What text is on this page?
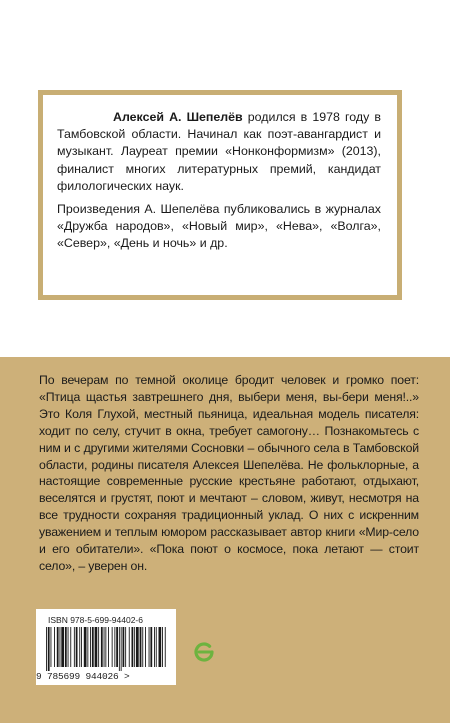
Алексей А. Шепелёв родился в 1978 году в Тамбовской области. Начинал как поэт-авангардист и музыкант. Лауреат премии «Нонконформизм» (2013), финалист многих литературных премий, кандидат филологических наук.

Произведения А. Шепелёва публиковались в журналах «Дружба народов», «Новый мир», «Нева», «Волга», «Север», «День и ночь» и др.

По вечерам по темной околице бродит человек и громко поет: «Птица щастья завтрешнего дня, выбери меня, вы-бери меня!..» Это Коля Глухой, местный пьяница, идеальная модель писателя: ходит по селу, стучит в окна, требует самогону… Познакомьтесь с ним и с другими жителями Сосновки – обычного села в Тамбовской области, родины писателя Алексея Шепелёва. Не фольклорные, а настоящие современные русские крестьяне работают, отдыхают, веселятся и грустят, поют и мечтают – словом, живут, несмотря на все трудности сохраняя традиционный уклад. О них с искренним уважением и теплым юмором рассказывает автор книги «Мир-село и его обитатели». «Пока поют о космосе, пока летают — стоит село», – уверен он.

ISBN 978-5-699-94402-6
9 785699 944026 >
